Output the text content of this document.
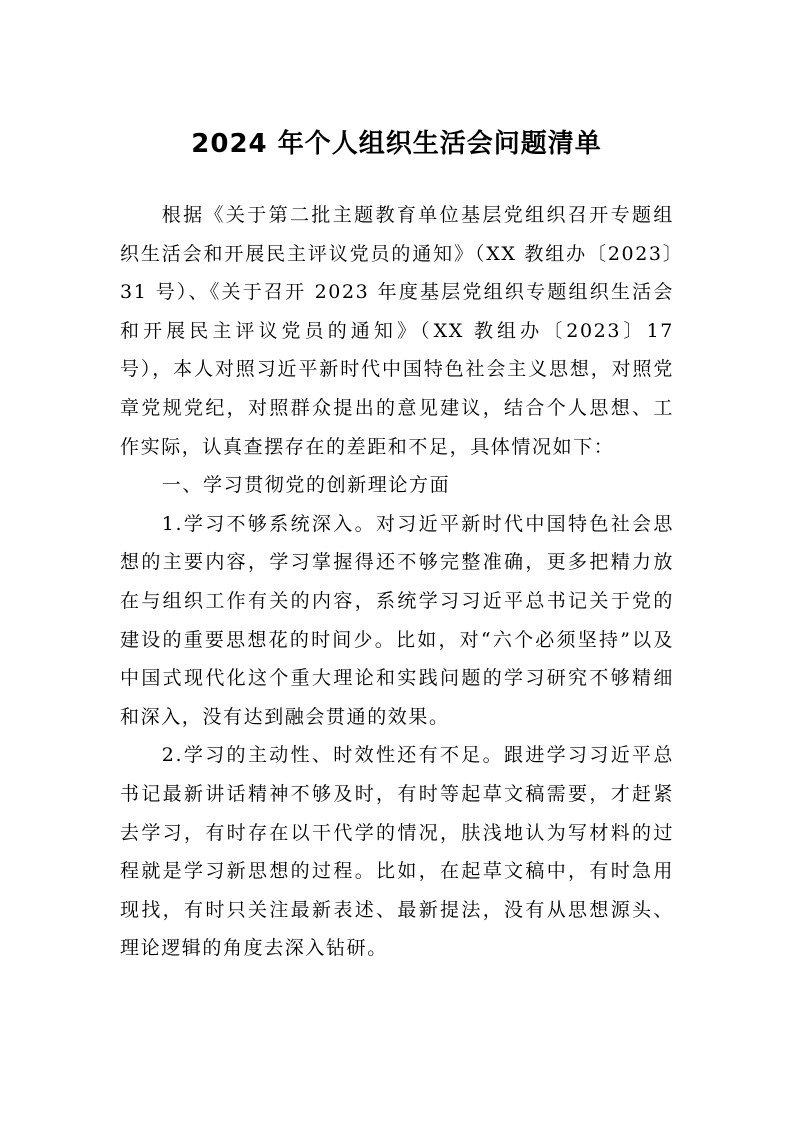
2024 年个人组织生活会问题清单

根据《关于第二批主题教育单位基层党组织召开专题组织生活会和开展民主评议党员的通知》（XX 教组办〔2023〕31 号）、《关于召开 2023 年度基层党组织专题组织生活会和开展民主评议党员的通知》（XX 教组办〔2023〕17 号），本人对照习近平新时代中国特色社会主义思想，对照党章党规党纪，对照群众提出的意见建议，结合个人思想、工作实际，认真查摆存在的差距和不足，具体情况如下：

一、学习贯彻党的创新理论方面

1.学习不够系统深入。对习近平新时代中国特色社会思想的主要内容，学习掌握得还不够完整准确，更多把精力放在与组织工作有关的内容，系统学习习近平总书记关于党的建设的重要思想花的时间少。比如，对“六个必须坚持”以及中国式现代化这个重大理论和实践问题的学习研究不够精细和深入，没有达到融会贯通的效果。

2.学习的主动性、时效性还有不足。跟进学习习近平总书记最新讲话精神不够及时，有时等起草文稿需要，才赶紧去学习，有时存在以干代学的情况，肤浅地认为写材料的过程就是学习新思想的过程。比如，在起草文稿中，有时急用现找，有时只关注最新表述、最新提法，没有从思想源头、理论逻辑的角度去深入钻研。
